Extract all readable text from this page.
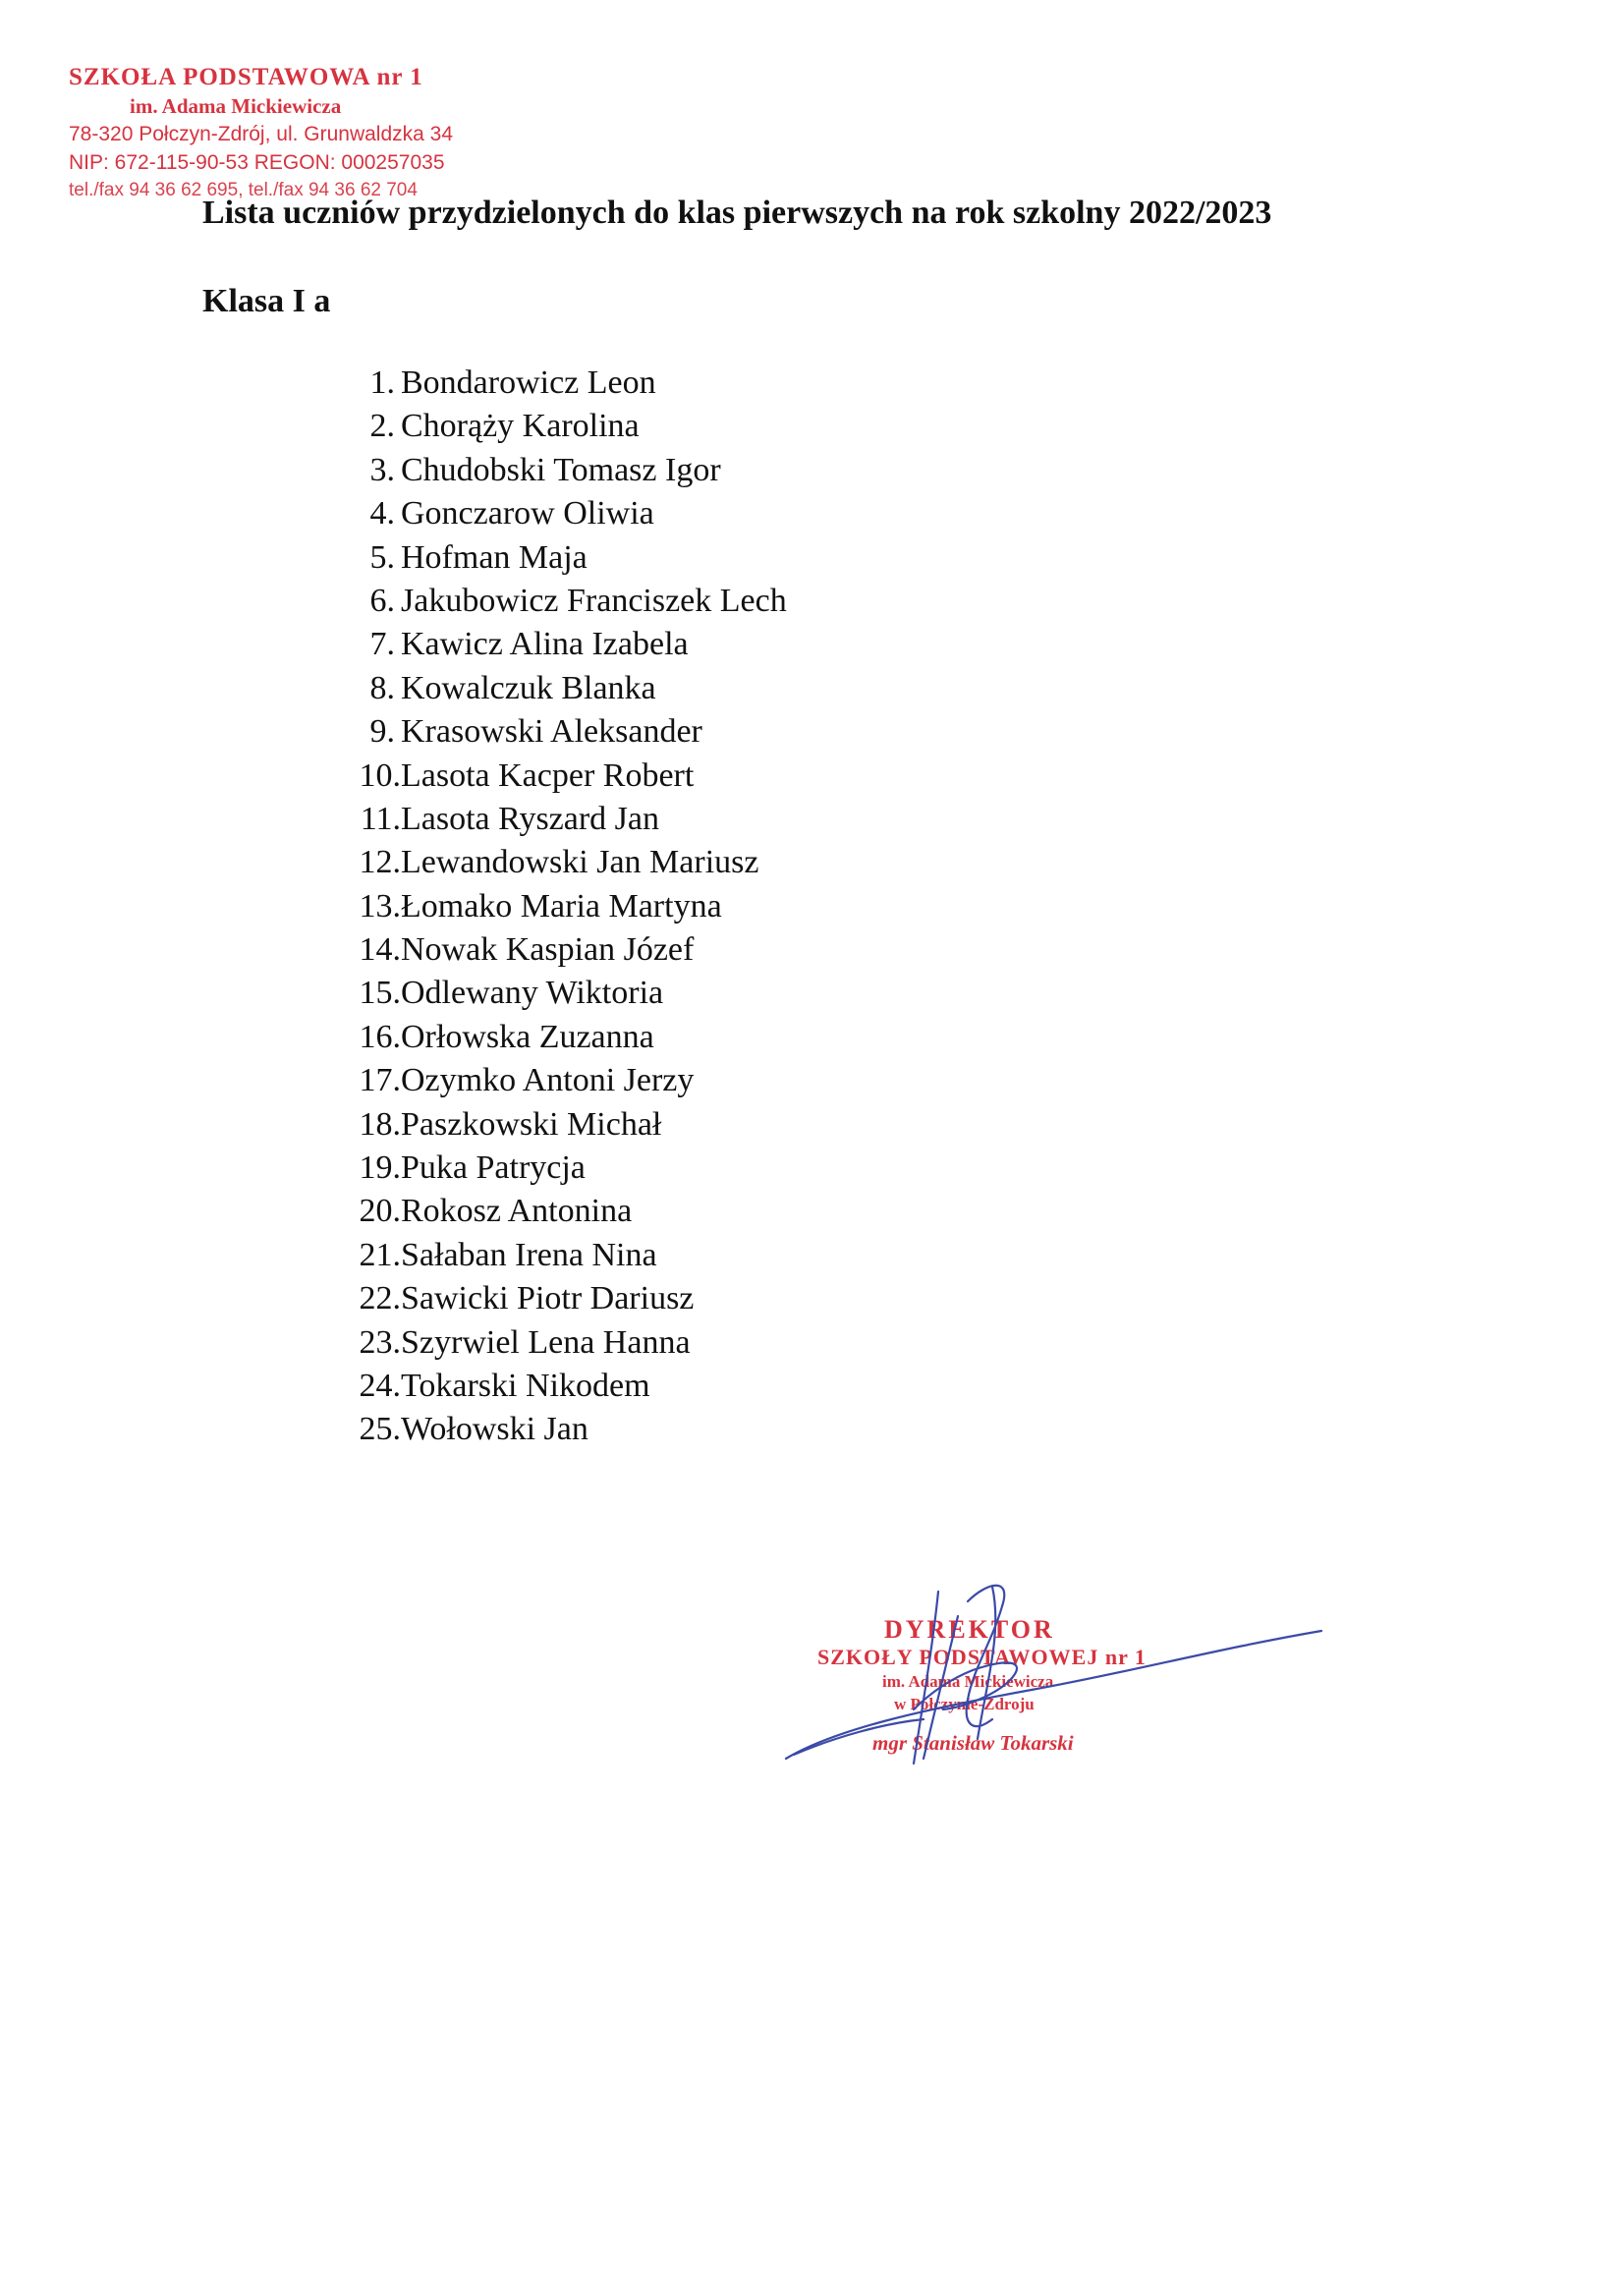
SZKOŁA PODSTAWOWA nr 1
im. Adama Mickiewicza
78-320 Połczyn-Zdrój, ul. Grunwaldzka 34
NIP: 672-115-90-53 REGON: 000257035
tel./fax 94 36 62 695, tel./fax 94 36 62 704
Lista uczniów przydzielonych do klas pierwszych na rok szkolny 2022/2023
Klasa I a
1. Bondarowicz Leon
2. Chorąży Karolina
3. Chudobski Tomasz Igor
4. Gonczarow Oliwia
5. Hofman Maja
6. Jakubowicz Franciszek Lech
7. Kawicz Alina Izabela
8. Kowalczuk Blanka
9. Krasowski Aleksander
10.Lasota Kacper Robert
11.Lasota Ryszard Jan
12.Lewandowski Jan Mariusz
13.Łomako Maria Martyna
14.Nowak Kaspian Józef
15.Odlewany Wiktoria
16.Orłowska Zuzanna
17.Ozymko Antoni Jerzy
18.Paszkowski Michał
19.Puka Patrycja
20.Rokosz Antonina
21.Sałaban Irena Nina
22.Sawicki Piotr Dariusz
23.Szyrwiel Lena Hanna
24.Tokarski Nikodem
25.Wołowski Jan
DYREKTOR
SZKOŁY PODSTAWOWEJ nr 1
im. Adama Mickiewicza
w Połczynie-Zdroju
mgr Stanisław Tokarski
